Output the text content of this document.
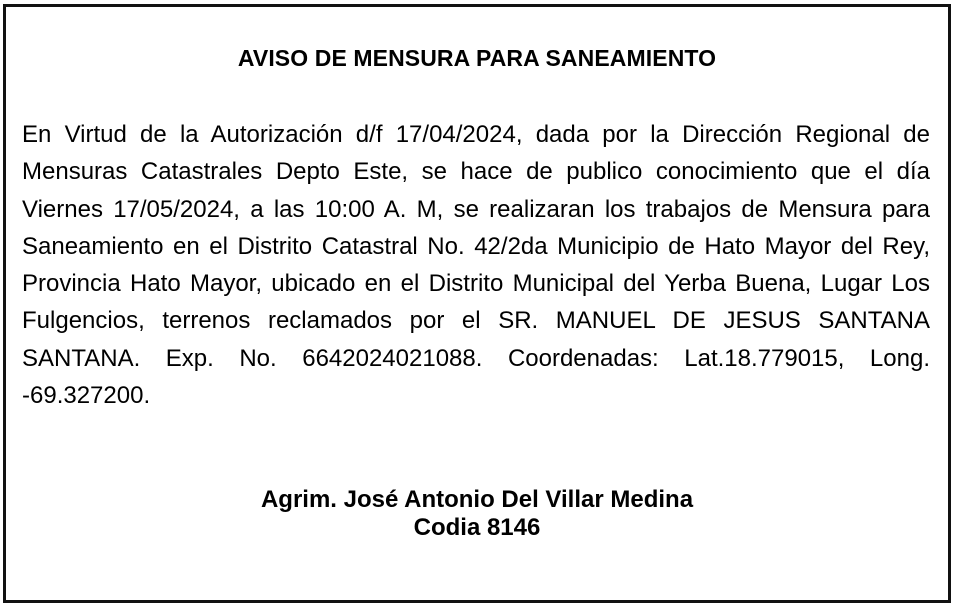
AVISO DE MENSURA PARA SANEAMIENTO
En Virtud de la Autorización d/f 17/04/2024, dada por la Dirección Regional de Mensuras Catastrales Depto Este, se hace de publico conocimiento que el día Viernes 17/05/2024, a las 10:00 A. M, se realizaran los trabajos de Mensura para Saneamiento en el Distrito Catastral No. 42/2da Municipio de Hato Mayor del Rey, Provincia Hato Mayor, ubicado en el Distrito Municipal del Yerba Buena, Lugar Los Fulgencios, terrenos reclamados por el SR. MANUEL DE JESUS SANTANA SANTANA. Exp. No. 6642024021088. Coordenadas: Lat.18.779015, Long. -69.327200.
Agrim. José Antonio Del Villar Medina
Codia 8146
